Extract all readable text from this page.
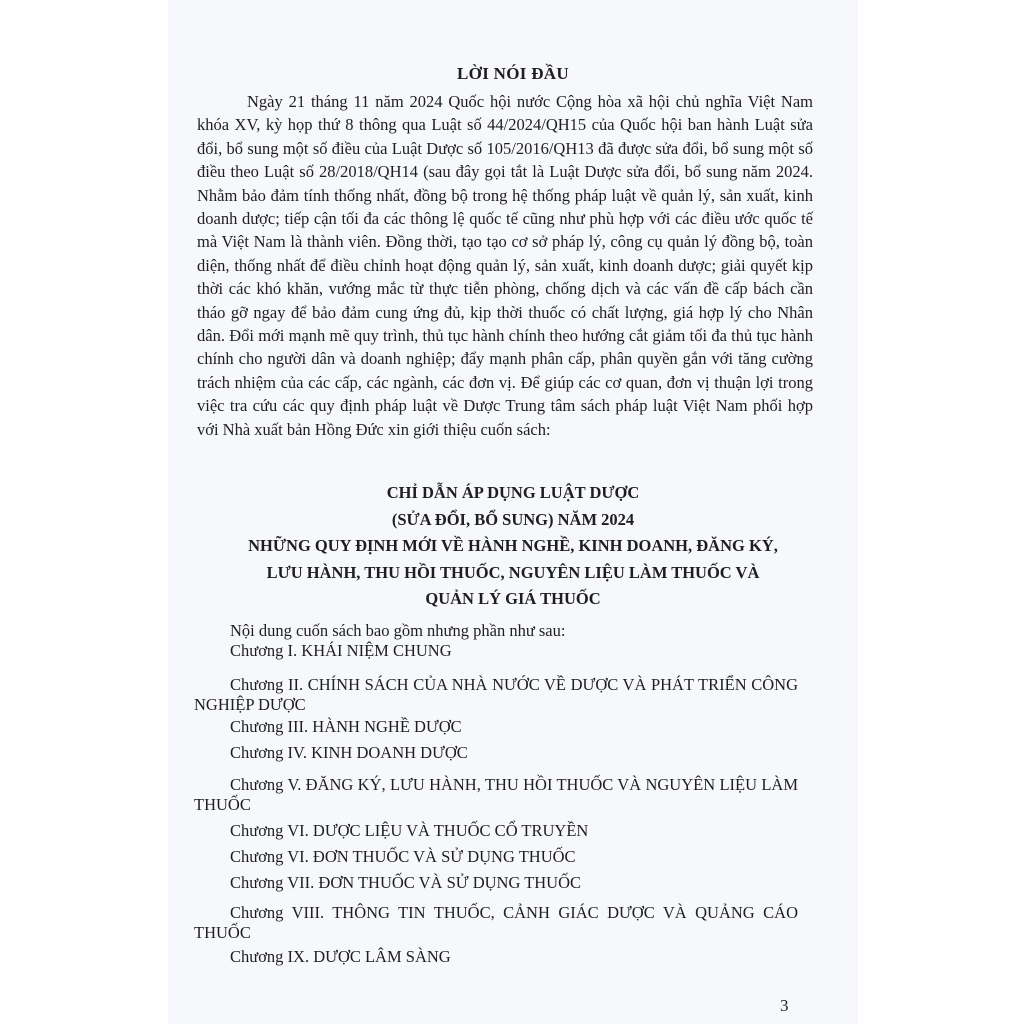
LỜI NÓI ĐẦU

Ngày 21 tháng 11 năm 2024 Quốc hội nước Cộng hòa xã hội chủ nghĩa Việt Nam khóa XV, kỳ họp thứ 8 thông qua Luật số 44/2024/QH15 của Quốc hội ban hành Luật sửa đổi, bổ sung một số điều của Luật Dược số 105/2016/QH13 đã được sửa đổi, bổ sung một số điều theo Luật số 28/2018/QH14 (sau đây gọi tắt là Luật Dược sửa đổi, bổ sung năm 2024. Nhằm bảo đảm tính thống nhất, đồng bộ trong hệ thống pháp luật về quản lý, sản xuất, kinh doanh dược; tiếp cận tối đa các thông lệ quốc tế cũng như phù hợp với các điều ước quốc tế mà Việt Nam là thành viên. Đồng thời, tạo tạo cơ sở pháp lý, công cụ quản lý đồng bộ, toàn diện, thống nhất để điều chỉnh hoạt động quản lý, sản xuất, kinh doanh dược; giải quyết kịp thời các khó khăn, vướng mắc từ thực tiễn phòng, chống dịch và các vấn đề cấp bách cần tháo gỡ ngay để bảo đảm cung ứng đủ, kịp thời thuốc có chất lượng, giá hợp lý cho Nhân dân. Đổi mới mạnh mẽ quy trình, thủ tục hành chính theo hướng cắt giảm tối đa thủ tục hành chính cho người dân và doanh nghiệp; đẩy mạnh phân cấp, phân quyền gắn với tăng cường trách nhiệm của các cấp, các ngành, các đơn vị. Để giúp các cơ quan, đơn vị thuận lợi trong việc tra cứu các quy định pháp luật về Dược Trung tâm sách pháp luật Việt Nam phối hợp với Nhà xuất bản Hồng Đức xin giới thiệu cuốn sách:

CHỈ DẪN ÁP DỤNG LUẬT DƯỢC
(SỬA ĐỔI, BỔ SUNG) NĂM 2024
NHỮNG QUY ĐỊNH MỚI VỀ HÀNH NGHỀ, KINH DOANH, ĐĂNG KÝ,
LƯU HÀNH, THU HỒI THUỐC, NGUYÊN LIỆU LÀM THUỐC VÀ
QUẢN LÝ GIÁ THUỐC
Nội dung cuốn sách bao gồm nhưng phần như sau:
Chương I. KHÁI NIỆM CHUNG
Chương II. CHÍNH SÁCH CỦA NHÀ NƯỚC VỀ DƯỢC VÀ PHÁT TRIỂN CÔNG NGHIỆP DƯỢC
Chương III. HÀNH NGHỀ DƯỢC
Chương IV. KINH DOANH DƯỢC
Chương V. ĐĂNG KÝ, LƯU HÀNH, THU HỒI THUỐC VÀ NGUYÊN LIỆU LÀM THUỐC
Chương VI. DƯỢC LIỆU VÀ THUỐC CỔ TRUYỀN
Chương VI. ĐƠN THUỐC VÀ SỬ DỤNG THUỐC
Chương VII. ĐƠN THUỐC VÀ SỬ DỤNG THUỐC
Chương VIII. THÔNG TIN THUỐC, CẢNH GIÁC DƯỢC VÀ QUẢNG CÁO THUỐC
Chương IX. DƯỢC LÂM SÀNG
3
